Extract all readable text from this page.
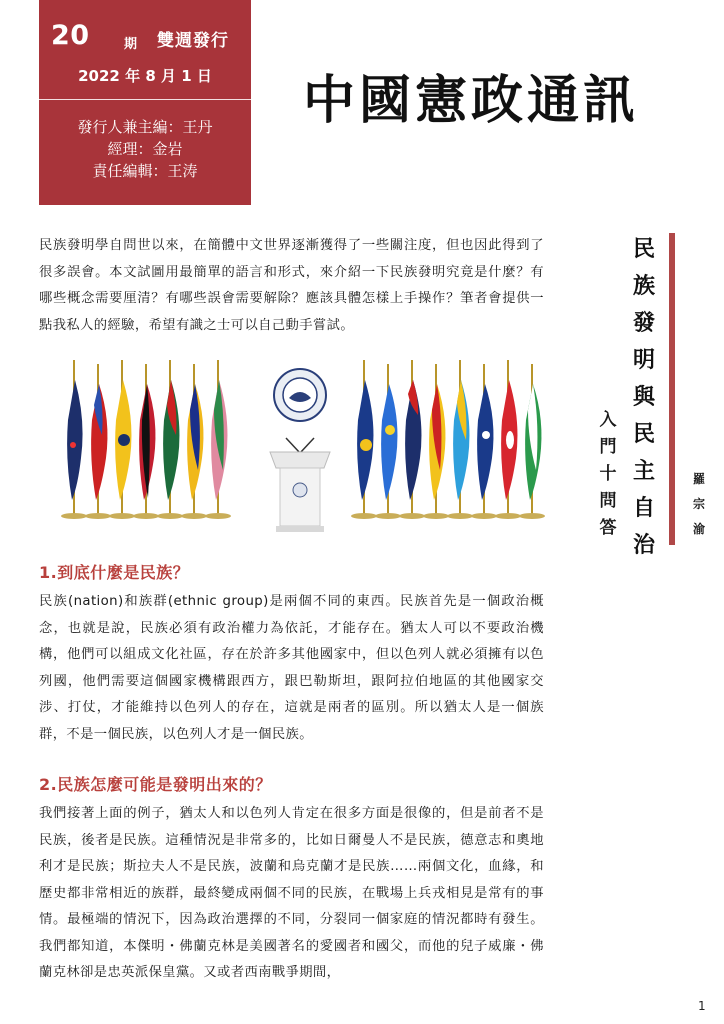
20	期 雙週發行
2022 年 8 月 1 日
發行人兼主編：王丹
經理：金岩
責任編輯：王涛
中國憲政通訊

民族發明學自問世以來，在簡體中文世界逐漸獲得了一些關注度，但也因此得到了很多誤會。本文試圖用最簡單的語言和形式，來介紹一下民族發明究竟是什麼？有哪些概念需要厘清？有哪些誤會需要解除？應該具體怎樣上手操作？筆者會提供一點我私人的經驗，希望有識之士可以自己動手嘗試。

民
族
發
明
與
民
主
自
治
入
門
十
問
答
羅
宗
渝
1.到底什麼是民族？

民族(nation)和族群(ethnic group)是兩個不同的東西。民族首先是一個政治概念，也就是說，民族必須有政治權力為依託，才能存在。猶太人可以不要政治機構，他們可以組成文化社區，存在於許多其他國家中，但以色列人就必須擁有以色列國，他們需要這個國家機構跟西方，跟巴勒斯坦，跟阿拉伯地區的其他國家交涉、打仗，才能維持以色列人的存在，這就是兩者的區別。所以猶太人是一個族群，不是一個民族，以色列人才是一個民族。

2.民族怎麼可能是發明出來的？

我們接著上面的例子，猶太人和以色列人肯定在很多方面是很像的，但是前者不是民族，後者是民族。這種情況是非常多的，比如日爾曼人不是民族，德意志和奧地利才是民族；斯拉夫人不是民族，波蘭和烏克蘭才是民族……兩個文化，血緣，和歷史都非常相近的族群，最終變成兩個不同的民族，在戰場上兵戎相見是常有的事情。最極端的情況下，因為政治選擇的不同，分裂同一個家庭的情況都時有發生。我們都知道，本傑明・佛蘭克林是美國著名的愛國者和國父，而他的兒子威廉・佛蘭克林卻是忠英派保皇黨。又或者西南戰爭期間，

1
